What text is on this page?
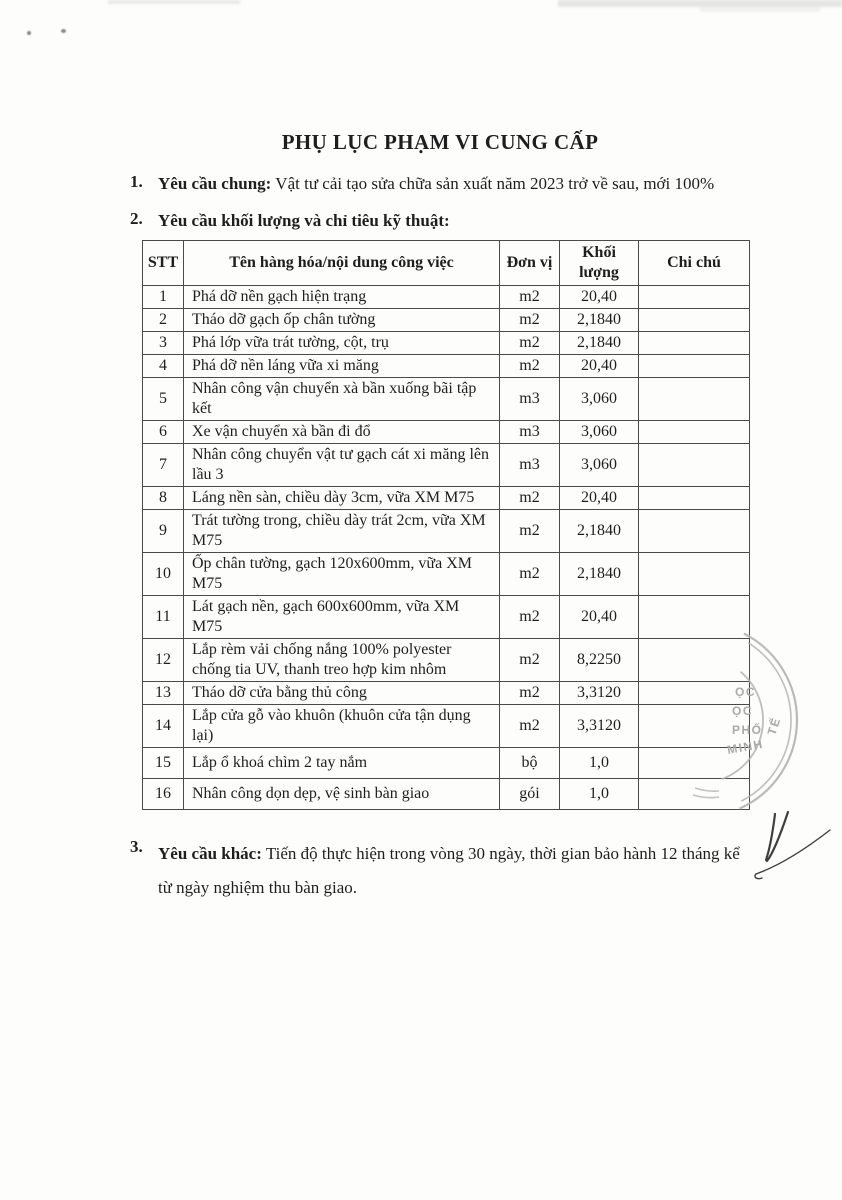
PHỤ LỤC PHẠM VI CUNG CẤP
1. Yêu cầu chung: Vật tư cải tạo sửa chữa sản xuất năm 2023 trở về sau, mới 100%
2. Yêu cầu khối lượng và chỉ tiêu kỹ thuật:
STT	Tên hàng hóa/nội dung công việc	Đơn vị	Khối lượng	Chi chú
1	Phá dỡ nền gạch hiện trạng	m2	20,40	
2	Tháo dỡ gạch ốp chân tường	m2	2,1840	
3	Phá lớp vữa trát tường, cột, trụ	m2	2,1840	
4	Phá dỡ nền láng vữa xi măng	m2	20,40	
5	Nhân công vận chuyển xà bần xuống bãi tập kết	m3	3,060	
6	Xe vận chuyển xà bần đi đổ	m3	3,060	
7	Nhân công chuyển vật tư gạch cát xi măng lên lầu 3	m3	3,060	
8	Láng nền sàn, chiều dày 3cm, vữa XM M75	m2	20,40	
9	Trát tường trong, chiều dày trát 2cm, vữa XM M75	m2	2,1840	
10	Ốp chân tường, gạch 120x600mm, vữa XM M75	m2	2,1840	
11	Lát gạch nền, gạch 600x600mm, vữa XM M75	m2	20,40	
12	Lắp rèm vải chống nắng 100% polyester chống tia UV, thanh treo hợp kim nhôm	m2	8,2250	
13	Tháo dỡ cửa bằng thủ công	m2	3,3120	
14	Lắp cửa gỗ vào khuôn (khuôn cửa tận dụng lại)	m2	3,3120	
15	Lắp ổ khoá chìm 2 tay nắm	bộ	1,0	
16	Nhân công dọn dẹp, vệ sinh bàn giao	gói	1,0	
3. Yêu cầu khác: Tiến độ thực hiện trong vòng 30 ngày, thời gian bảo hành 12 tháng kể từ ngày nghiệm thu bàn giao.
ỌC
ỌC
PHỐ
MINH
TẾ
